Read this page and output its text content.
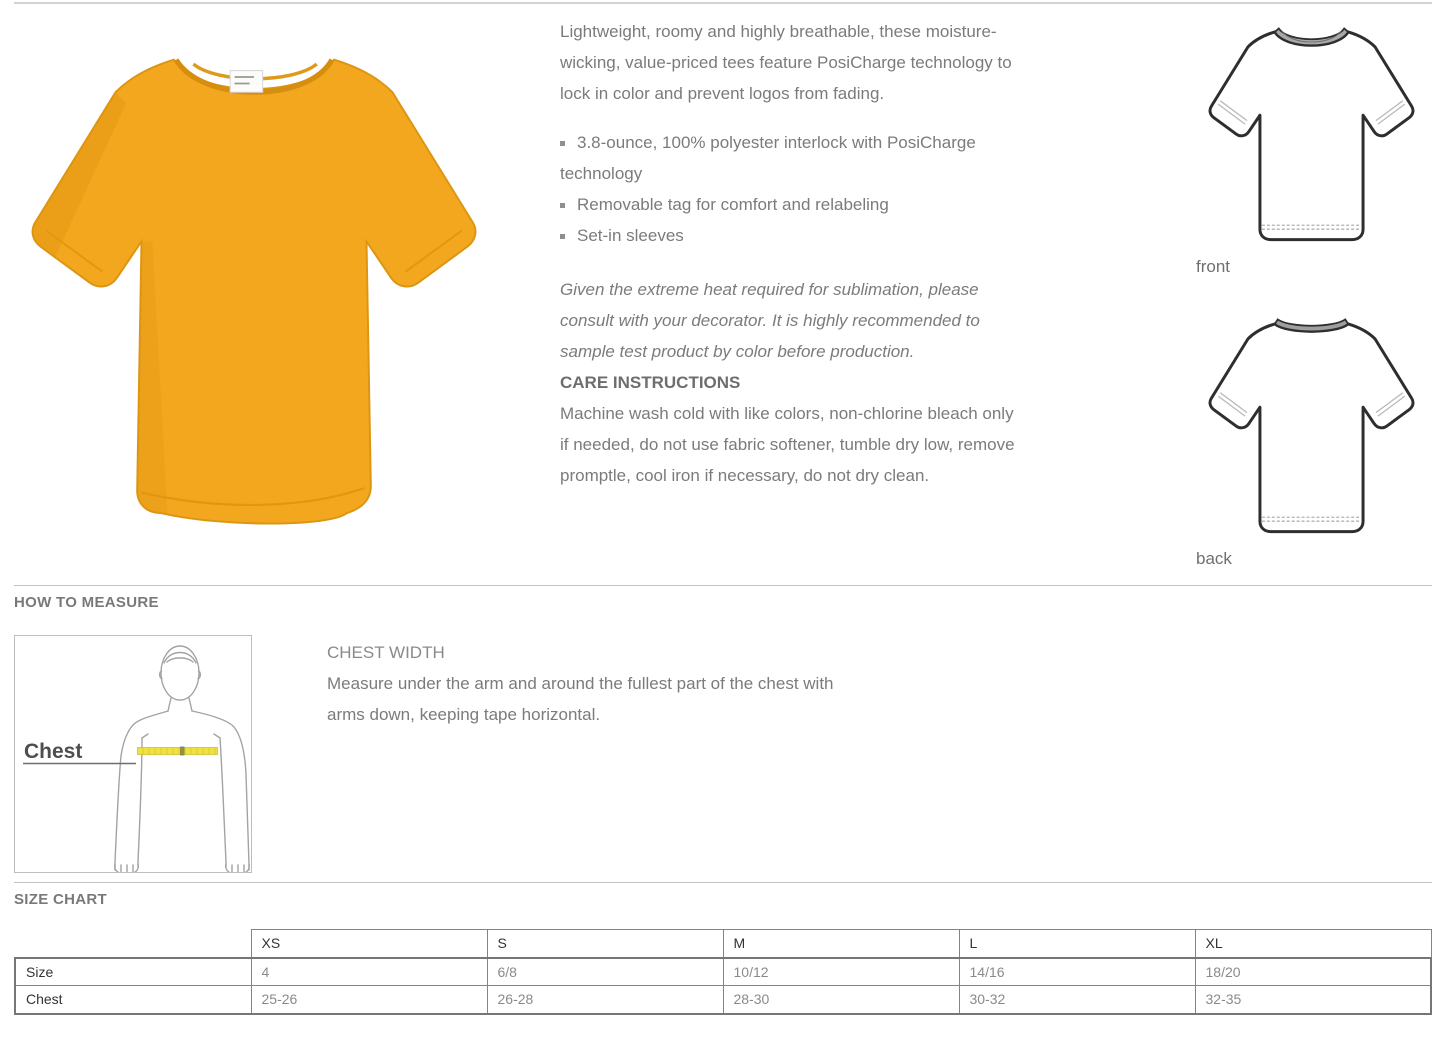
Lightweight, roomy and highly breathable, these moisture-wicking, value-priced tees feature PosiCharge technology to lock in color and prevent logos from fading.

3.8-ounce, 100% polyester interlock with PosiCharge technology
Removable tag for comfort and relabeling
Set-in sleeves

Given the extreme heat required for sublimation, please consult with your decorator. It is highly recommended to sample test product by color before production.

CARE INSTRUCTIONS

Machine wash cold with like colors, non-chlorine bleach only if needed, do not use fabric softener, tumble dry low, remove promptle, cool iron if necessary, do not dry clean.

front
back
HOW TO MEASURE
Chest

CHEST WIDTH

Measure under the arm and around the fullest part of the chest with arms down, keeping tape horizontal.

SIZE CHART
	XS	S	M	L	XL
Size	4	6/8	10/12	14/16	18/20
Chest	25-26	26-28	28-30	30-32	32-35
